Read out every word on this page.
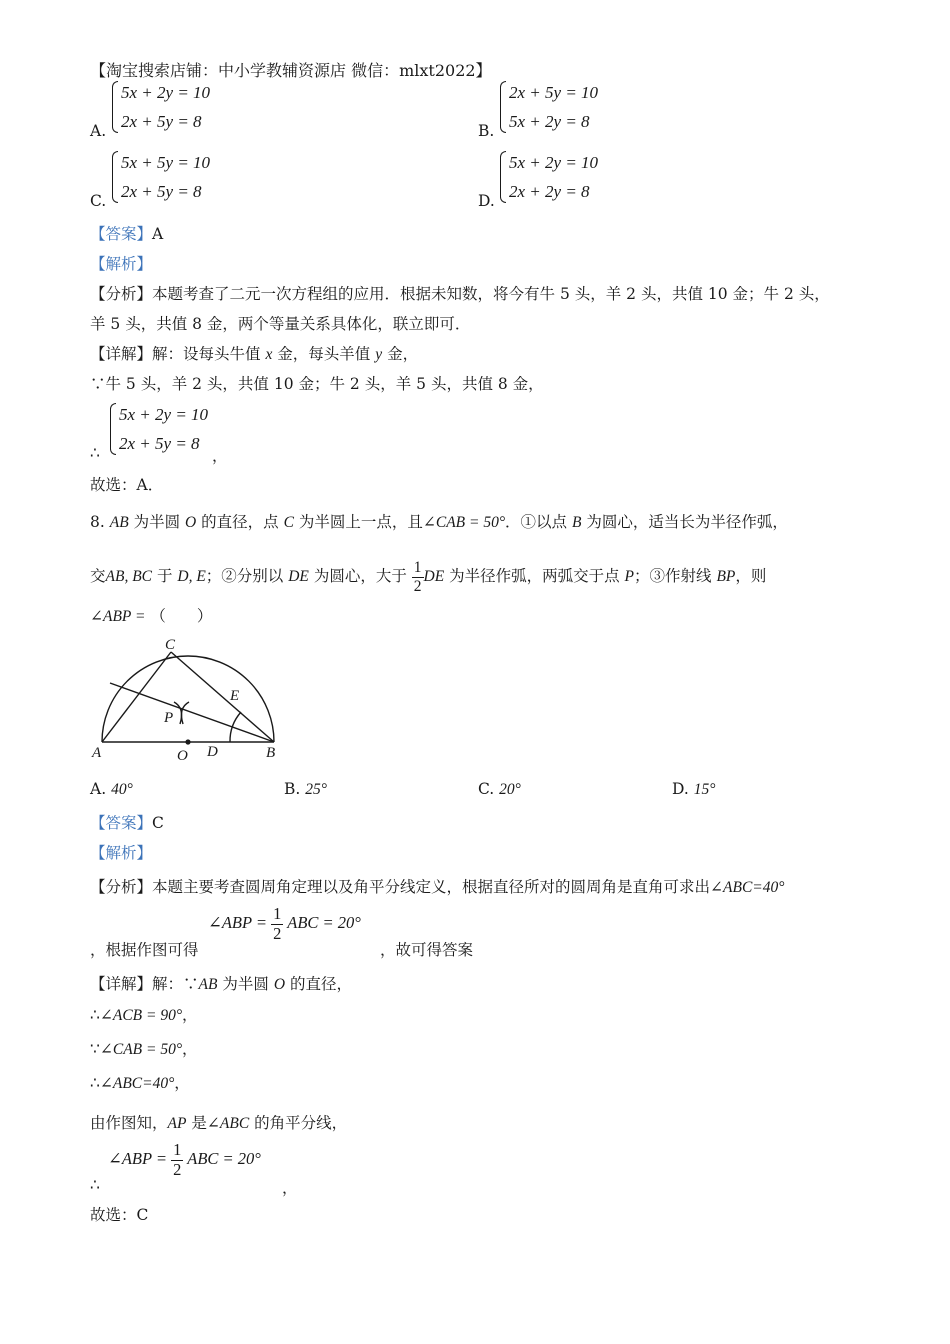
【淘宝搜索店铺：中小学教辅资源店 微信：mlxt2022】
A.
5x + 2y = 10
2x + 5y = 8	B.
2x + 5y = 10
5x + 2y = 8
C.
5x + 5y = 10
2x + 5y = 8	D.
5x + 2y = 10
2x + 2y = 8
【答案】A
【解析】
【分析】本题考查了二元一次方程组的应用．根据未知数，将今有牛 5 头，羊 2 头，共值 10 金；牛 2 头，
羊 5 头，共值 8 金，两个等量关系具体化，联立即可．
【详解】解：设每头牛值 x 金，每头羊值 y 金，
∵牛 5 头，羊 2 头，共值 10 金；牛 2 头，羊 5 头，共值 8 金，
∴
5x + 2y = 10
2x + 5y = 8
，
故选：A．
8. AB 为半圆 O 的直径，点 C 为半圆上一点，且∠CAB = 50°．①以点 B 为圆心，适当长为半径作弧，
交AB, BC 于 D, E；②分别以 DE 为圆心，大于 $\frac{1}{2}$ DE 为半径作弧，两弧交于点 P；③作射线 BP，则
∠ABP = （　　）
A	B
C
O D
E
P
A. 40°	B. 25°	C. 20°	D. 15°
【答案】C
【解析】
【分析】本题主要考查圆周角定理以及角平分线定义，根据直径所对的圆周角是直角可求出∠ABC=40°
，根据作图可得
∠ABP = $\frac{1}{2}$ ABC = 20°
，故可得答案
【详解】解：∵AB 为半圆 O 的直径，
∴∠ACB = 90°，
∵∠CAB = 50°，
∴∠ABC=40°，
由作图知，AP 是∠ABC 的角平分线，
∴
∠ABP = $\frac{1}{2}$ ABC = 20°
，
故选：C
